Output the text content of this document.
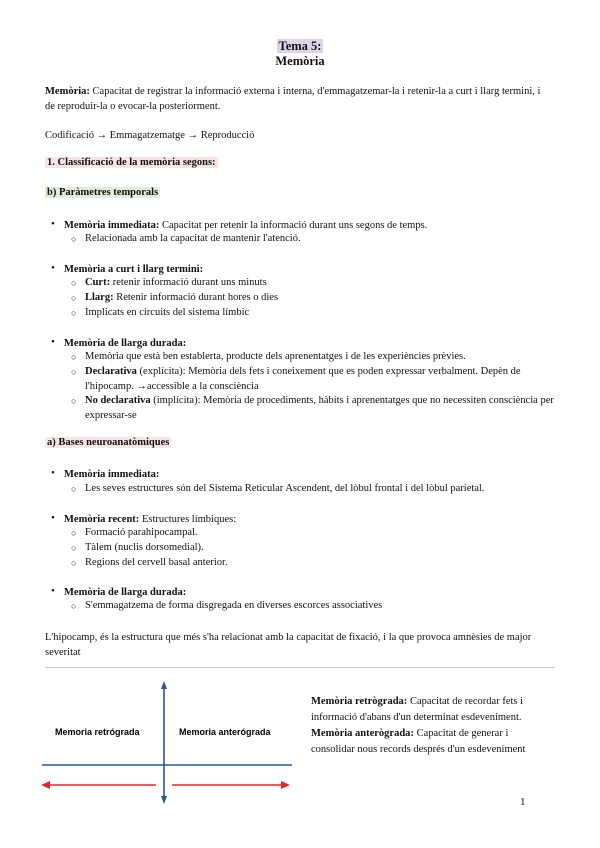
Tema 5:
Memòria
Memòria: Capacitat de registrar la informació externa i interna, d'emmagatzemar-la i retenir-la a curt i llarg termini, i de reproduir-la o evocar-la posteriorment.
Codificació → Emmagatzematge → Reproducció
1. Classificació de la memòria segons:
b) Paràmetres temporals
• Memòria immediata: Capacitat per retenir la informació durant uns segons de temps.
○ Relacionada amb la capacitat de mantenir l'atenció.
• Memòria a curt i llarg termini:
○ Curt: retenir informació durant uns minuts
○ Llarg: Retenir informació durant hores o dies
○ Implicats en circuits del sistema límbic
• Memòria de llarga durada:
○ Memòria que està ben establerta, producte dels aprenentatges i de les experiències prèvies.
○ Declarativa (explícita): Memòria dels fets i coneixement que es poden expressar verbalment. Depèn de l'hipocamp. →accessible a la consciència
○ No declarativa (implícita): Memòria de procediments, hàbits i aprenentatges que no necessiten consciència per expressar-se
a) Bases neuroanatòmiques
• Memòria immediata:
○ Les seves estructures són del Sistema Reticular Ascendent, del lòbul frontal i del lòbul parietal.
• Memòria recent: Estructures límbiques:
○ Formació parahipocampal.
○ Tàlem (nuclis dorsomedial).
○ Regions del cervell basal anterior.
• Memòria de llarga durada:
○ S'emmagatzema de forma disgregada en diverses escorces associatives
L'hipocamp, és la estructura que més s'ha relacionat amb la capacitat de fixació, i la que provoca amnèsies de major severitat
Memoria retrógrada	Memoria anterógrada
Memòria retrògrada: Capacitat de recordar fets i informació d'abans d'un determinat esdeveniment.
Memòria anterògrada: Capacitat de generar i consolidar nous records després d'un esdeveniment
1
